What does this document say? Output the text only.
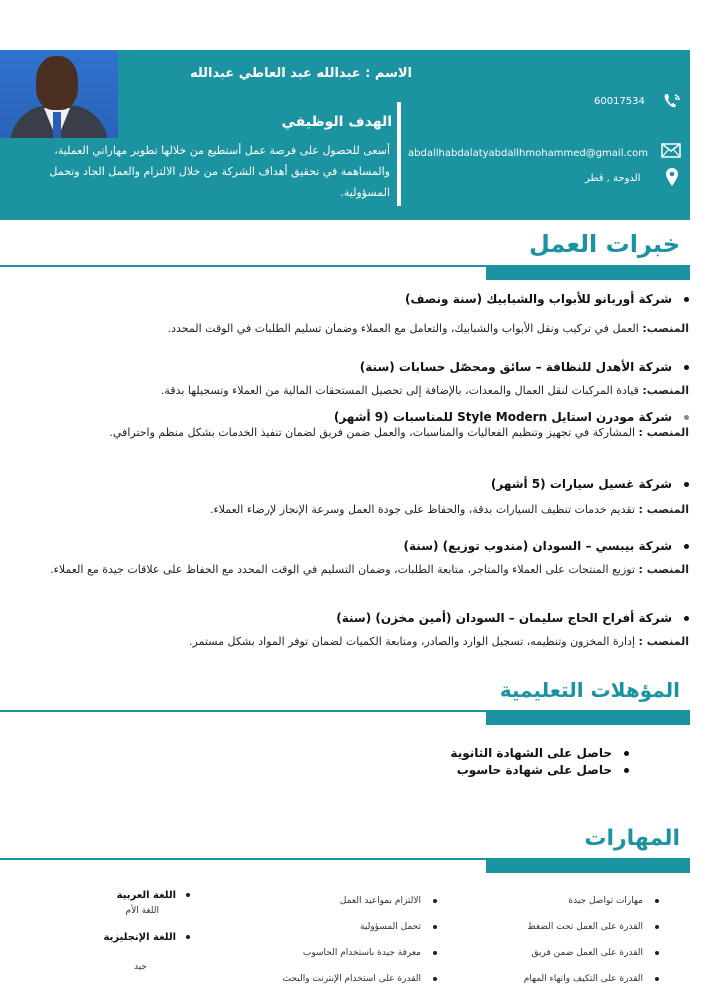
الاسم : عبدالله عبد العاطي عبدالله
الهدف الوظيفي
أسعى للحصول على فرصة عمل أستطيع من خلالها تطوير مهاراتي العملية، والمساهمة في تحقيق أهداف الشركة من خلال الالتزام والعمل الجاد وتحمل المسؤولية.
60017534
abdallhabdalatyabdallhmohammed@gmail.com
الدوحة , قطر
خبرات العمل
شركة أوربانو للأبواب والشبابيك (سنة ونصف)
المنصب: العمل في تركيب ونقل الأبواب والشبابيك، والتعامل مع العملاء وضمان تسليم الطلبات في الوقت المحدد.
شركة الأهدل للنظافة – سائق ومحصّل حسابات (سنة)
المنصب: قيادة المركبات لنقل العمال والمعدات، بالإضافة إلى تحصيل المستحقات المالية من العملاء وتسجيلها بدقة.
شركة مودرن استايل Style Modern للمناسبات (9 أشهر)
المنصب : المشاركة في تجهيز وتنظيم الفعاليات والمناسبات، والعمل ضمن فريق لضمان تنفيذ الخدمات بشكل منظم واحترافي.
شركة غسيل سيارات (5 أشهر)
المنصب : تقديم خدمات تنظيف السيارات بدقة، والحفاظ على جودة العمل وسرعة الإنجاز لإرضاء العملاء.
شركة بيبسي – السودان (مندوب توزيع) (سنة)
المنصب : توزيع المنتجات على العملاء والمتاجر، متابعة الطلبات، وضمان التسليم في الوقت المحدد مع الحفاظ على علاقات جيدة مع العملاء.
شركة أفراح الحاج سليمان – السودان (أمين مخزن) (سنة)
المنصب : إدارة المخزون وتنظيمه، تسجيل الوارد والصادر، ومتابعة الكميات لضمان توفر المواد بشكل مستمر.
المؤهلات التعليمية
حاصل على الشهادة الثانوية
حاصل على شهادة حاسوب
المهارات
مهارات تواصل جيدة
القدرة على العمل تحت الضغط
القدرة على العمل ضمن فريق
القدرة على التكيف وانهاء المهام
الالتزام بمواعيد العمل
تحمل المسؤولية
معرفة جيدة باستخدام الحاسوب
القدرة على استخدام الإنترنت والبحث
اللغة العربية
اللغة الأم
اللغة الإنجليزية
جيد
